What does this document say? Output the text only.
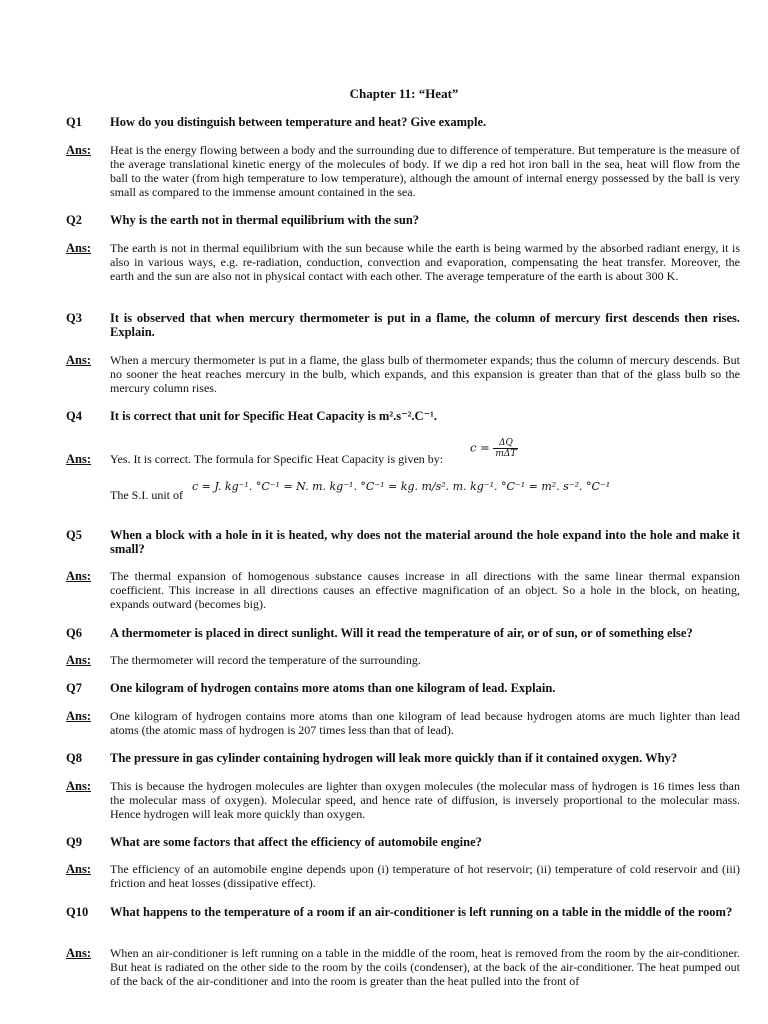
Chapter 11: “Heat”
Q1 How do you distinguish between temperature and heat? Give example.
Ans: Heat is the energy flowing between a body and the surrounding due to difference of temperature. But temperature is the measure of the average translational kinetic energy of the molecules of body. If we dip a red hot iron ball in the sea, heat will flow from the ball to the water (from high temperature to low temperature), although the amount of internal energy possessed by the ball is very small as compared to the immense amount contained in the sea.
Q2 Why is the earth not in thermal equilibrium with the sun?
Ans: The earth is not in thermal equilibrium with the sun because while the earth is being warmed by the absorbed radiant energy, it is also in various ways, e.g. re-radiation, conduction, convection and evaporation, compensating the heat transfer. Moreover, the earth and the sun are also not in physical contact with each other. The average temperature of the earth is about 300 K.
Q3 It is observed that when mercury thermometer is put in a flame, the column of mercury first descends then rises. Explain.
Ans: When a mercury thermometer is put in a flame, the glass bulb of thermometer expands; thus the column of mercury descends. But no sooner the heat reaches mercury in the bulb, which expands, and this expansion is greater than that of the glass bulb so the mercury column rises.
Q4 It is correct that unit for Specific Heat Capacity is m².s⁻².C⁻¹.
Ans: Yes. It is correct. The formula for Specific Heat Capacity is given by:
$c = \frac{\Delta Q}{\text{mΔT}}$
The S.I. unit of
c = J. kg⁻¹. °C⁻¹ = N. m. kg⁻¹. °C⁻¹ = kg. m/s². m. kg⁻¹. °C⁻¹ = m². s⁻². °C⁻¹
Q5 When a block with a hole in it is heated, why does not the material around the hole expand into the hole and make it small?
Ans: The thermal expansion of homogenous substance causes increase in all directions with the same linear thermal expansion coefficient. This increase in all directions causes an effective magnification of an object. So a hole in the block, on heating, expands outward (becomes big).
Q6 A thermometer is placed in direct sunlight. Will it read the temperature of air, or of sun, or of something else?
Ans: The thermometer will record the temperature of the surrounding.
Q7 One kilogram of hydrogen contains more atoms than one kilogram of lead. Explain.
Ans: One kilogram of hydrogen contains more atoms than one kilogram of lead because hydrogen atoms are much lighter than lead atoms (the atomic mass of hydrogen is 207 times less than that of lead).
Q8 The pressure in gas cylinder containing hydrogen will leak more quickly than if it contained oxygen. Why?
Ans: This is because the hydrogen molecules are lighter than oxygen molecules (the molecular mass of hydrogen is 16 times less than the molecular mass of oxygen). Molecular speed, and hence rate of diffusion, is inversely proportional to the molecular mass. Hence hydrogen will leak more quickly than oxygen.
Q9 What are some factors that affect the efficiency of automobile engine?
Ans: The efficiency of an automobile engine depends upon (i) temperature of hot reservoir; (ii) temperature of cold reservoir and (iii) friction and heat losses (dissipative effect).
Q10 What happens to the temperature of a room if an air-conditioner is left running on a table in the middle of the room?
Ans: When an air-conditioner is left running on a table in the middle of the room, heat is removed from the room by the air-conditioner. But heat is radiated on the other side to the room by the coils (condenser), at the back of the air-conditioner. The heat pumped out of the back of the air-conditioner and into the room is greater than the heat pulled into the front of
